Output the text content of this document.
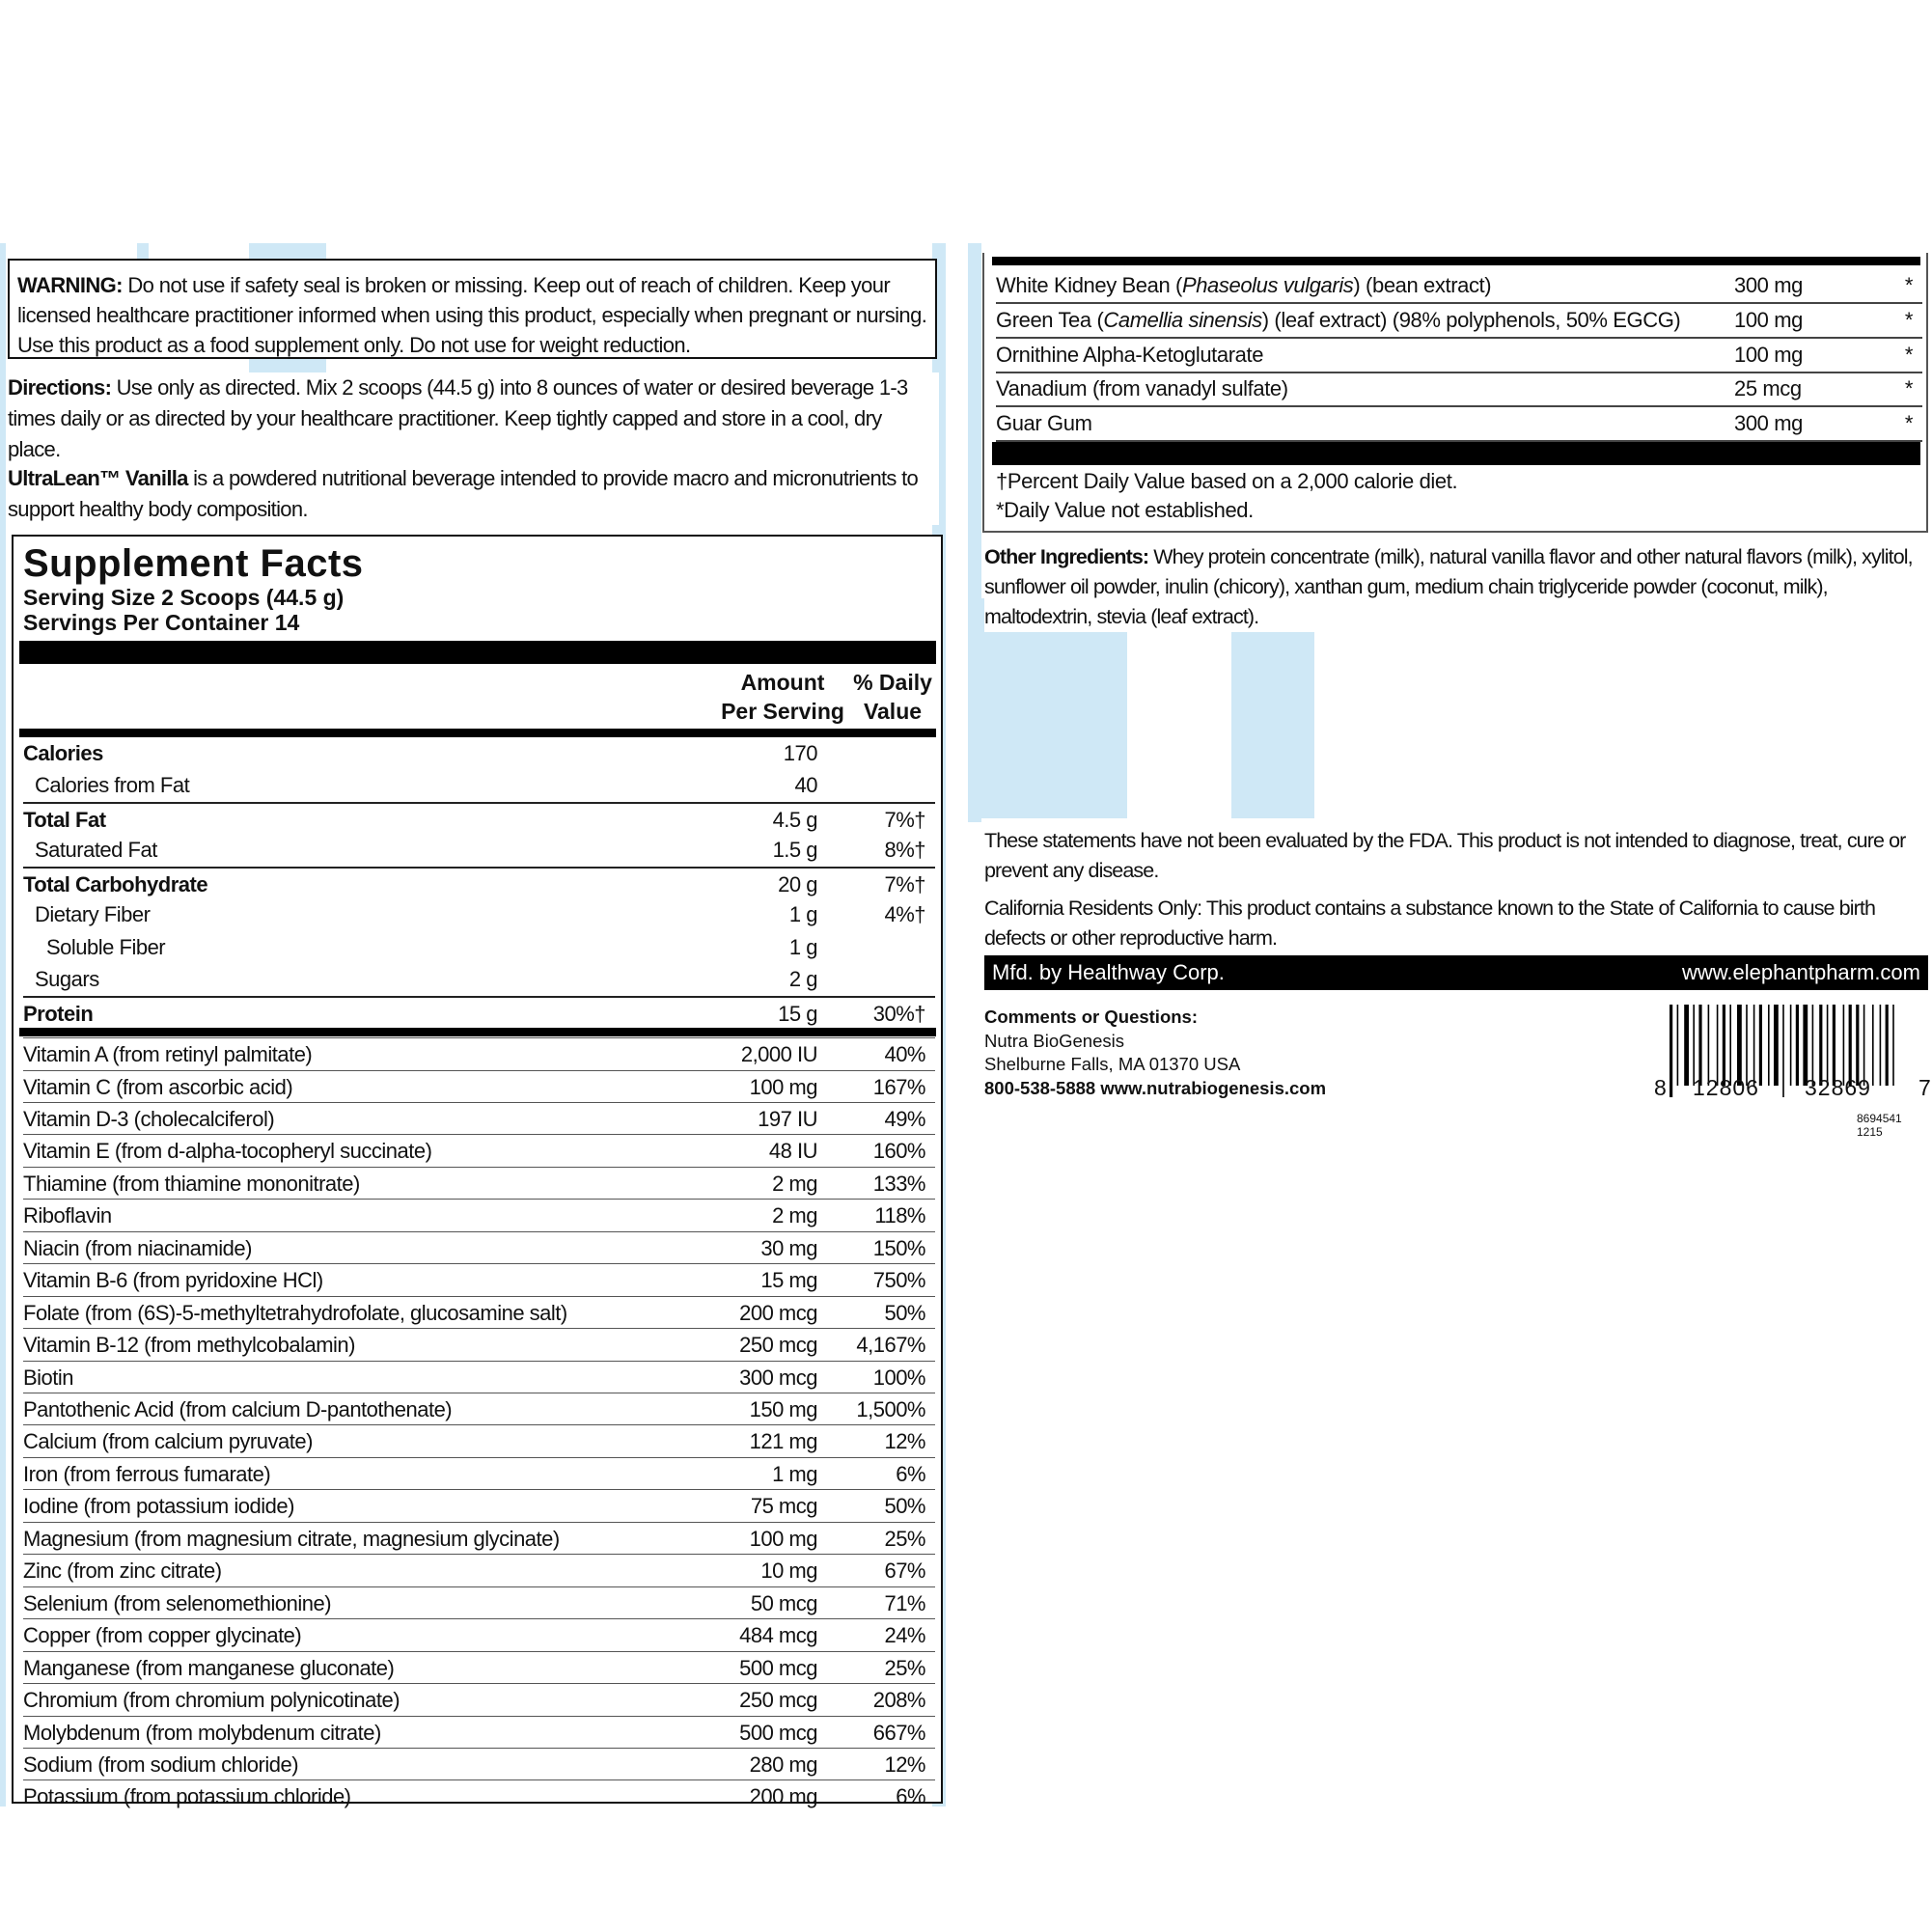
WARNING: Do not use if safety seal is broken or missing. Keep out of reach of children. Keep your licensed healthcare practitioner informed when using this product, especially when pregnant or nursing. Use this product as a food supplement only. Do not use for weight reduction.
Directions: Use only as directed. Mix 2 scoops (44.5 g) into 8 ounces of water or desired beverage 1-3 times daily or as directed by your healthcare practitioner. Keep tightly capped and store in a cool, dry place.
UltraLean™ Vanilla is a powdered nutritional beverage intended to provide macro and micronutrients to support healthy body composition.
Supplement Facts
Serving Size 2 Scoops (44.5 g)
Servings Per Container 14
Amount Per Serving
% Daily Value
Calories	170
Calories from Fat	40
Total Fat	4.5 g	7%†
Saturated Fat	1.5 g	8%†
Total Carbohydrate	20 g	7%†
Dietary Fiber	1 g	4%†
Soluble Fiber	1 g
Sugars	2 g
Protein	15 g	30%†
Vitamin A (from retinyl palmitate)	2,000 IU	40%
Vitamin C (from ascorbic acid)	100 mg	167%
Vitamin D-3 (cholecalciferol)	197 IU	49%
Vitamin E (from d-alpha-tocopheryl succinate)	48 IU	160%
Thiamine (from thiamine mononitrate)	2 mg	133%
Riboflavin	2 mg	118%
Niacin (from niacinamide)	30 mg	150%
Vitamin B-6 (from pyridoxine HCl)	15 mg	750%
Folate (from (6S)-5-methyltetrahydrofolate, glucosamine salt)	200 mcg	50%
Vitamin B-12 (from methylcobalamin)	250 mcg 4,167%
Biotin	300 mcg	100%
Pantothenic Acid (from calcium D-pantothenate)	150 mg 1,500%
Calcium (from calcium pyruvate)	121 mg	12%
Iron (from ferrous fumarate)	1 mg	6%
Iodine (from potassium iodide)	75 mcg	50%
Magnesium (from magnesium citrate, magnesium glycinate)	100 mg	25%
Zinc (from zinc citrate)	10 mg	67%
Selenium (from selenomethionine)	50 mcg	71%
Copper (from copper glycinate)	484 mcg	24%
Manganese (from manganese gluconate)	500 mcg	25%
Chromium (from chromium polynicotinate)	250 mcg	208%
Molybdenum (from molybdenum citrate)	500 mcg	667%
Sodium (from sodium chloride)	280 mg	12%
Potassium (from potassium chloride)	200 mg	6%
White Kidney Bean (Phaseolus vulgaris) (bean extract)	300 mg	*
Green Tea (Camellia sinensis) (leaf extract) (98% polyphenols, 50% EGCG)	100 mg	*
Ornithine Alpha-Ketoglutarate	100 mg	*
Vanadium (from vanadyl sulfate)	25 mcg	*
Guar Gum	300 mg	*
†Percent Daily Value based on a 2,000 calorie diet.
*Daily Value not established.
Other Ingredients: Whey protein concentrate (milk), natural vanilla flavor and other natural flavors (milk), xylitol, sunflower oil powder, inulin (chicory), xanthan gum, medium chain triglyceride powder (coconut, milk), maltodextrin, stevia (leaf extract).
These statements have not been evaluated by the FDA. This product is not intended to diagnose, treat, cure or prevent any disease.
California Residents Only: This product contains a substance known to the State of California to cause birth defects or other reproductive harm.
Mfd. by Healthway Corp.	www.elephantpharm.com
Comments or Questions:
Nutra BioGenesis
Shelburne Falls, MA 01370 USA
800-538-5888 www.nutrabiogenesis.com	8 12806 32869 7
8694541 1215
